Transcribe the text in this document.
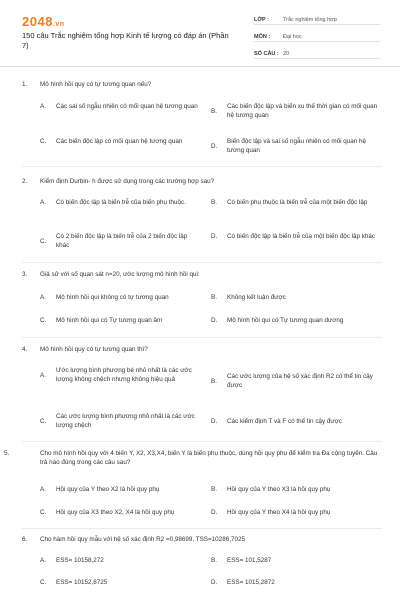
2048.vn
150 câu Trắc nghiệm tổng hợp Kinh tế lượng có đáp án (Phần 7)
LỚP :	Trắc nghiệm tổng hợp
MÔN :	Đại học
SỐ CÂU : 20
1. Mô hình hồi quy có tự tương quan nếu?
A.	Các sai số ngẫu nhiên có mối quan hệ tương quan
B.
Các biến độc lập và biến xu thế thời gian có mối quan hệ tương quan
C.	Các biến độc lập có mối quan hệ tương quan
D.
Biến độc lập và sai số ngẫu nhiên có mối quan hệ tương quan
2. Kiểm định Durbin- h được sử dụng trong các trường hợp sau?
A.	Có biến độc lập là biến trễ của biến phụ thuộc.	B.	Có biến phụ thuộc là biến trễ của một biến độc lập
C.
Có 2 biến độc lập là biến trễ của 2 biến độc lập khác
D.	Có biến độc lập là biến trễ của một biến độc lập khác
3. Giả sử với số quan sát n=20, ước lượng mô hình hồi qui:
A.	Mô hình hồi qui không có tự tương quan	B.	Không kết luận được
C.	Mô hình hồi qui có Tự tương quan âm	D.	Mô hình hồi qui có Tự tương quan dương
4. Mô hình hồi quy có tự tương quan thì?
A.
Ước lượng bình phương bé nhỏ nhất là các ước lượng không chệch nhưng không hiệu quả	B.
Các ước lượng của hệ số xác định R2 có thể tin cậy được
C.
Các ước lượng bình phương nhỏ nhất là các ước lượng chệch
D.	Các kiểm định T và F có thể tin cậy được
5.	Cho mô hình hồi quy với 4 biến Y, X2, X3,X4, biến Y là biến phụ thuộc, dùng hồi quy phụ để kiểm tra Đa cộng tuyến. Câu trả nào đúng trong các câu sau?
A.	Hồi quy của Y theo X2 là hồi quy phụ	B.	Hồi quy của Y theo X3 là hồi quy phụ
C.	Hồi quy của X3 theo X2, X4 là hồi quy phụ	D.	Hồi quy của Y theo X4 là hồi quy phụ
6. Cho hàm hồi quy mẫu với hệ số xác định R2 =0,98699, TSS=10286,7025
A.	ESS= 10158,272	B.	ESS= 101,5287
C.	ESS= 10152,8725	D.	ESS= 1015,2872
